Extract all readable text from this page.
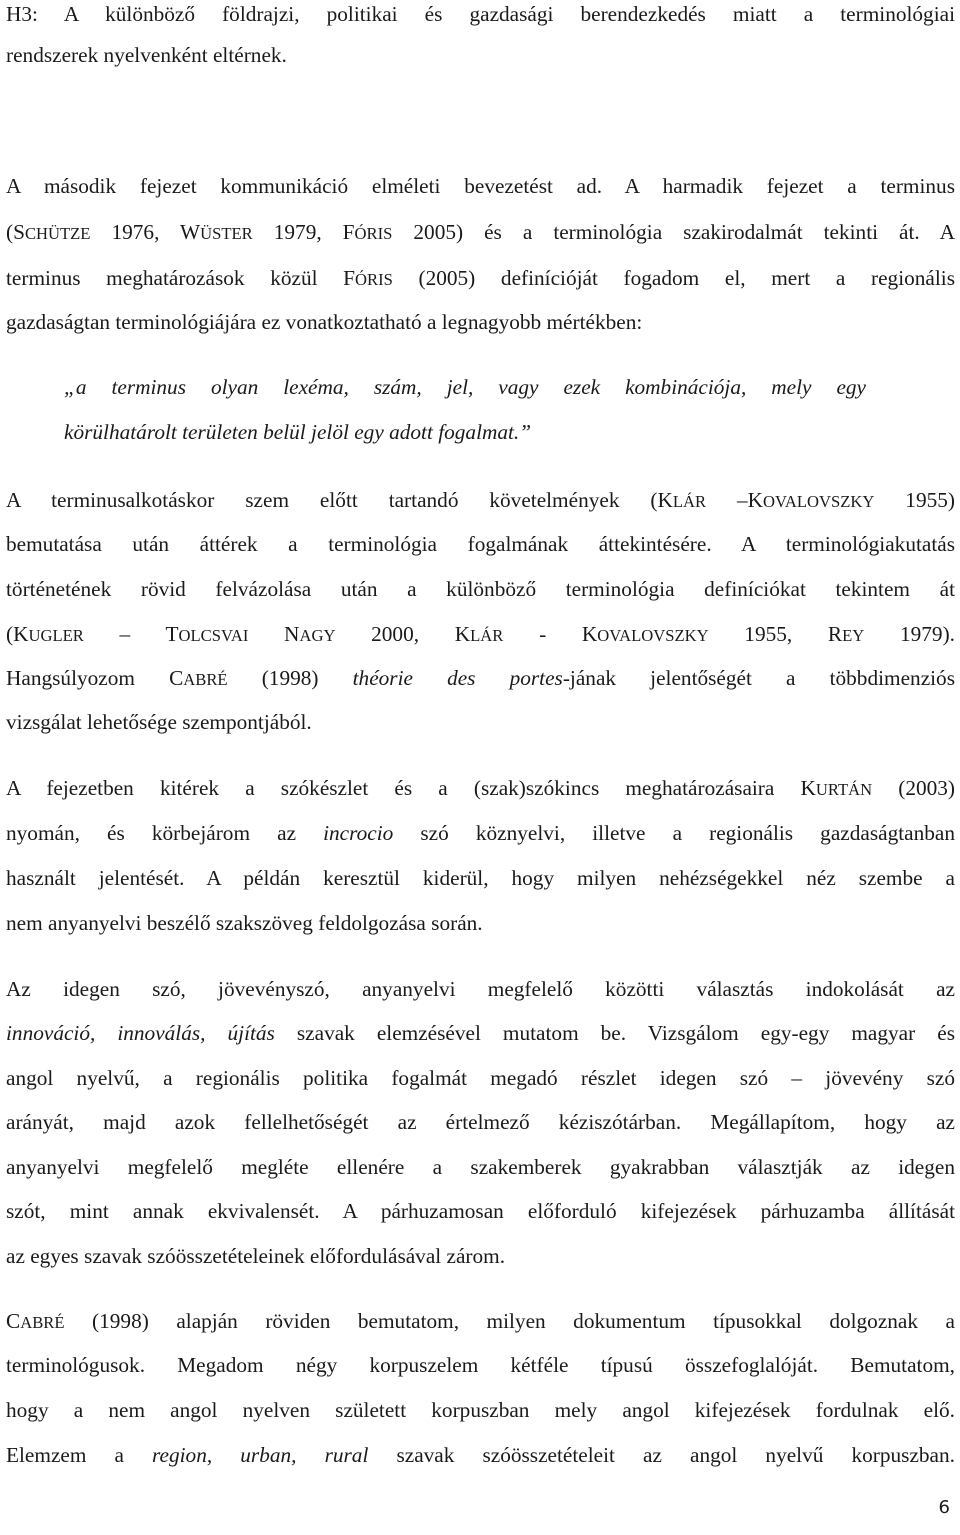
H3: A különböző földrajzi, politikai és gazdasági berendezkedés miatt a terminológiai

rendszerek nyelvenként eltérnek.

A második fejezet kommunikáció elméleti bevezetést ad. A harmadik fejezet a terminus

(SCHÜTZE 1976, WÜSTER 1979, FÓRIS 2005) és a terminológia szakirodalmát tekinti át. A

terminus meghatározások közül FÓRIS (2005) definícióját fogadom el, mert a regionális

gazdaságtan terminológiájára ez vonatkoztatható a legnagyobb mértékben:

„a terminus olyan lexéma, szám, jel, vagy ezek kombinációja, mely egy

körülhatárolt területen belül jelöl egy adott fogalmat.”

A terminusalkotáskor szem előtt tartandó követelmények (KLÁR –KOVALOVSZKY 1955)

bemutatása után áttérek a terminológia fogalmának áttekintésére. A terminológiakutatás

történetének rövid felvázolása után a különböző terminológia definíciókat tekintem át

(KUGLER – TOLCSVAI NAGY 2000, KLÁR - KOVALOVSZKY 1955, REY 1979).

Hangsúlyozom CABRÉ (1998) théorie des portes-jának jelentőségét a többdimenziós

vizsgálat lehetősége szempontjából.

A fejezetben kitérek a szókészlet és a (szak)szókincs meghatározásaira KURTÁN (2003)

nyomán, és körbejárom az incrocio szó köznyelvi, illetve a regionális gazdaságtanban

használt jelentését. A példán keresztül kiderül, hogy milyen nehézségekkel néz szembe a

nem anyanyelvi beszélő szakszöveg feldolgozása során.

Az idegen szó, jövevényszó, anyanyelvi megfelelő közötti választás indokolását az

innováció, innoválás, újítás szavak elemzésével mutatom be. Vizsgálom egy-egy magyar és

angol nyelvű, a regionális politika fogalmát megadó részlet idegen szó – jövevény szó

arányát, majd azok fellelhetőségét az értelmező kéziszótárban. Megállapítom, hogy az

anyanyelvi megfelelő megléte ellenére a szakemberek gyakrabban választják az idegen

szót, mint annak ekvivalensét. A párhuzamosan előforduló kifejezések párhuzamba állítását

az egyes szavak szóösszetételeinek előfordulásával zárom.

CABRÉ (1998) alapján röviden bemutatom, milyen dokumentum típusokkal dolgoznak a

terminológusok. Megadom négy korpuszelem kétféle típusú összefoglalóját. Bemutatom,

hogy a nem angol nyelven született korpuszban mely angol kifejezések fordulnak elő.

Elemzem a region, urban, rural szavak szóösszetételeit az angol nyelvű korpuszban.

6
